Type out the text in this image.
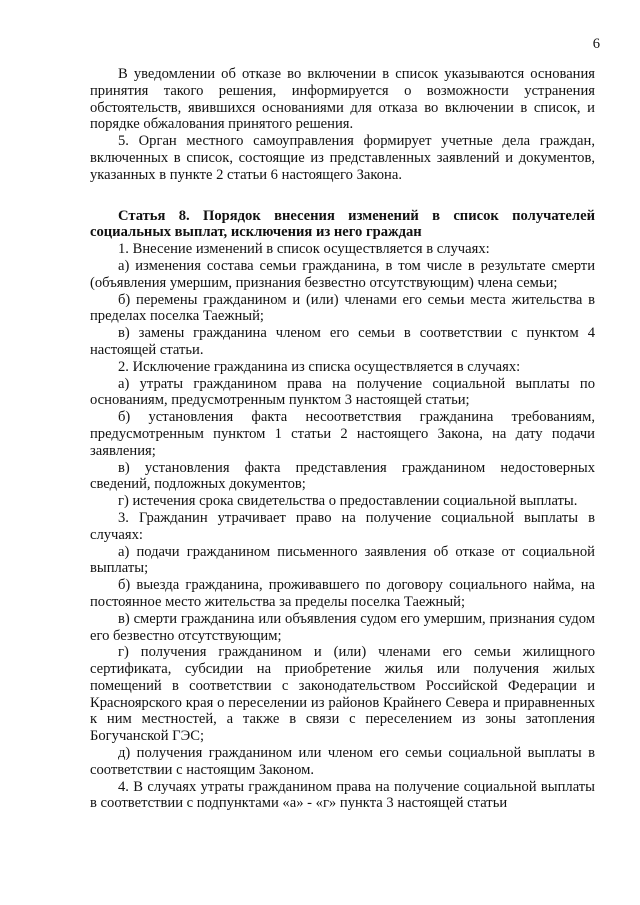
6

В уведомлении об отказе во включении в список указываются основания принятия такого решения, информируется о возможности устранения обстоятельств, явившихся основаниями для отказа во включении в список, и порядке обжалования принятого решения.

5. Орган местного самоуправления формирует учетные дела граждан, включенных в список, состоящие из представленных заявлений и документов, указанных в пункте 2 статьи 6 настоящего Закона.

Статья 8. Порядок внесения изменений в список получателей социальных выплат, исключения из него граждан

1. Внесение изменений в список осуществляется в случаях:

а) изменения состава семьи гражданина, в том числе в результате смерти (объявления умершим, признания безвестно отсутствующим) члена семьи;

б) перемены гражданином и (или) членами его семьи места жительства в пределах поселка Таежный;

в) замены гражданина членом его семьи в соответствии с пунктом 4 настоящей статьи.

2. Исключение гражданина из списка осуществляется в случаях:

а) утраты гражданином права на получение социальной выплаты по основаниям, предусмотренным пунктом 3 настоящей статьи;

б) установления факта несоответствия гражданина требованиям, предусмотренным пунктом 1 статьи 2 настоящего Закона, на дату подачи заявления;

в) установления факта представления гражданином недостоверных сведений, подложных документов;

г) истечения срока свидетельства о предоставлении социальной выплаты.

3. Гражданин утрачивает право на получение социальной выплаты в случаях:

а) подачи гражданином письменного заявления об отказе от социальной выплаты;

б) выезда гражданина, проживавшего по договору социального найма, на постоянное место жительства за пределы поселка Таежный;

в) смерти гражданина или объявления судом его умершим, признания судом его безвестно отсутствующим;

г) получения гражданином и (или) членами его семьи жилищного сертификата, субсидии на приобретение жилья или получения жилых помещений в соответствии с законодательством Российской Федерации и Красноярского края о переселении из районов Крайнего Севера и приравненных к ним местностей, а также в связи с переселением из зоны затопления Богучанской ГЭС;

д) получения гражданином или членом его семьи социальной выплаты в соответствии с настоящим Законом.

4. В случаях утраты гражданином права на получение социальной выплаты в соответствии с подпунктами «а» - «г» пункта 3 настоящей статьи
